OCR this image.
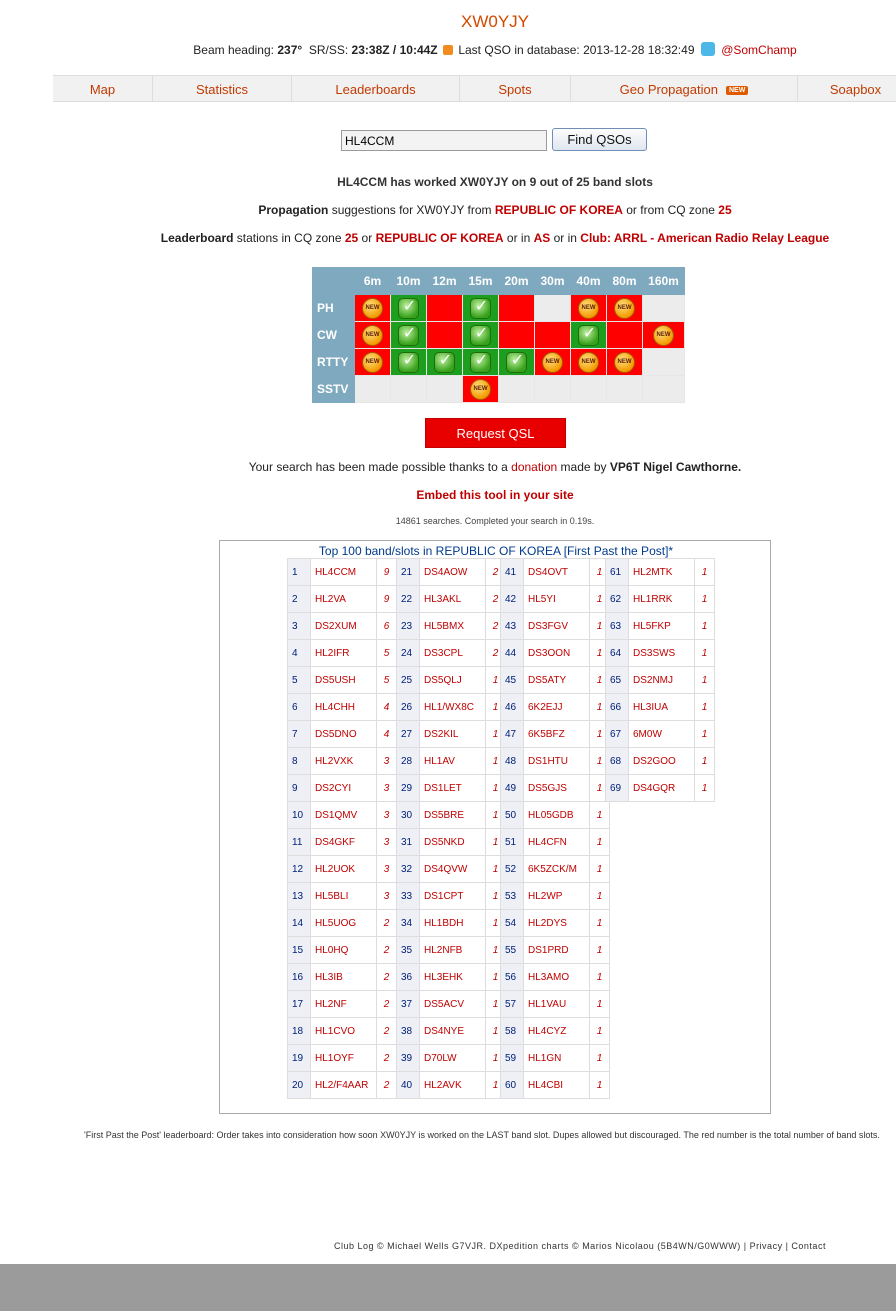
XW0YJY
Beam heading: 237° SR/SS: 23:38Z / 10:44Z Last QSO in database: 2013-12-28 18:32:49 @SomChamp
Map	Statistics	Leaderboards	Spots	Geo Propagation NEW	Soapbox
HL4CCM
Find QSOs
HL4CCM has worked XW0YJY on 9 out of 25 band slots
Propagation suggestions for XW0YJY from REPUBLIC OF KOREA or from CQ zone 25
Leaderboard stations in CQ zone 25 or REPUBLIC OF KOREA or in AS or in Club: ARRL - American Radio Relay League
	6m	10m	12m	15m	20m	30m	40m	80m	160m
PH	NEW	✓		✓			NEW	NEW	

CW	NEW	✓		✓			✓		NEW

RTTY	NEW	✓	✓	✓	✓	NEW	NEW	NEW	

SSTV				NEW					

Request QSL
Your search has been made possible thanks to a donation made by VP6T Nigel Cawthorne.
Embed this tool in your site
14861 searches. Completed your search in 0.19s.
Top 100 band/slots in REPUBLIC OF KOREA [First Past the Post]*
1	HL4CCM	9
2	HL2VA	9
3	DS2XUM	6
4	HL2IFR	5
5	DS5USH	5
6	HL4CHH	4
7	DS5DNO	4
8	HL2VXK	3
9	DS2CYI	3
10	DS1QMV	3
11	DS4GKF	3
12	HL2UOK	3
13	HL5BLI	3
14	HL5UOG	2
15	HL0HQ	2
16	HL3IB	2
17	HL2NF	2
18	HL1CVO	2
19	HL1OYF	2
20	HL2/F4AAR	2
21	DS4AOW	2
22	HL3AKL	2
23	HL5BMX	2
24	DS3CPL	2
25	DS5QLJ	1
26	HL1/WX8C	1
27	DS2KIL	1
28	HL1AV	1
29	DS1LET	1
30	DS5BRE	1
31	DS5NKD	1
32	DS4QVW	1
33	DS1CPT	1
34	HL1BDH	1
35	HL2NFB	1
36	HL3EHK	1
37	DS5ACV	1
38	DS4NYE	1
39	D70LW	1
40	HL2AVK	1
41	DS4OVT	1
42	HL5YI	1
43	DS3FGV	1
44	DS3OON	1
45	DS5ATY	1
46	6K2EJJ	1
47	6K5BFZ	1
48	DS1HTU	1
49	DS5GJS	1
50	HL05GDB	1
51	HL4CFN	1
52	6K5ZCK/M	1
53	HL2WP	1
54	HL2DYS	1
55	DS1PRD	1
56	HL3AMO	1
57	HL1VAU	1
58	HL4CYZ	1
59	HL1GN	1
60	HL4CBI	1
61	HL2MTK	1
62	HL1RRK	1
63	HL5FKP	1
64	DS3SWS	1
65	DS2NMJ	1
66	HL3IUA	1
67	6M0W	1
68	DS2GOO	1
69	DS4GQR	1
'First Past the Post' leaderboard: Order takes into consideration how soon XW0YJY is worked on the LAST band slot. Dupes allowed but discouraged. The red number is the total number of band slots.
Club Log © Michael Wells G7VJR. DXpedition charts © Marios Nicolaou (5B4WN/G0WWW) | Privacy | Contact
